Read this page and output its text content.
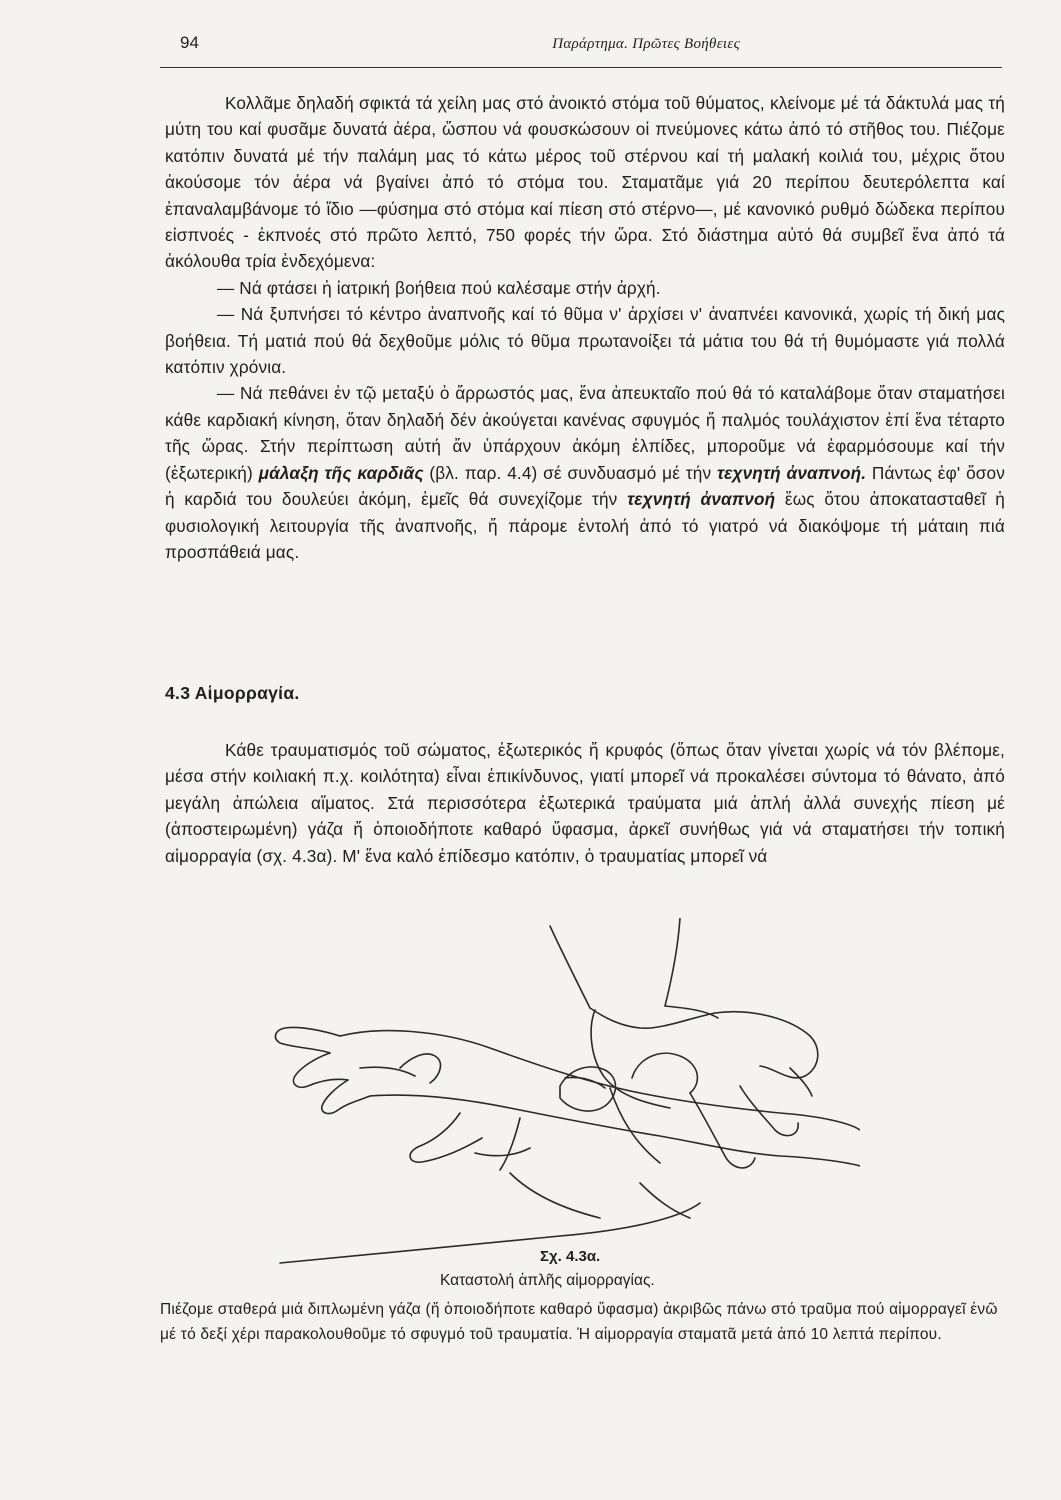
94	Παράρτημα. Πρῶτες Βοήθειες

Κολλᾶμε δηλαδή σφικτά τά χείλη μας στό ἀνοικτό στόμα τοῦ θύματος, κλείνομε μέ τά δάκτυλά μας τή μύτη του καί φυσᾶμε δυνατά ἀέρα, ὥσπου νά φουσκώσουν οἱ πνεύμονες κάτω ἀπό τό στῆθος του. Πιέζομε κατόπιν δυνατά μέ τήν παλάμη μας τό κάτω μέρος τοῦ στέρνου καί τή μαλακή κοιλιά του, μέχρις ὅτου ἀκούσομε τόν ἀέρα νά βγαίνει ἀπό τό στόμα του. Σταματᾶμε γιά 20 περίπου δευτερόλεπτα καί ἐπαναλαμβάνομε τό ἴδιο —φύσημα στό στόμα καί πίεση στό στέρνο—, μέ κανονικό ρυθμό δώδεκα περίπου εἰσπνοές - ἐκπνοές στό πρῶτο λεπτό, 750 φορές τήν ὥρα. Στό διάστημα αὐτό θά συμβεῖ ἕνα ἀπό τά ἀκόλουθα τρία ἐνδεχόμενα:

— Νά φτάσει ἡ ἰατρική βοήθεια πού καλέσαμε στήν ἀρχή.

— Νά ξυπνήσει τό κέντρο ἀναπνοῆς καί τό θῦμα ν' ἀρχίσει ν' ἀναπνέει κανονικά, χωρίς τή δική μας βοήθεια. Τή ματιά πού θά δεχθοῦμε μόλις τό θῦμα πρωτανοίξει τά μάτια του θά τή θυμόμαστε γιά πολλά κατόπιν χρόνια.

— Νά πεθάνει ἐν τῷ μεταξύ ὁ ἄρρωστός μας, ἕνα ἀπευκταῖο πού θά τό καταλάβομε ὅταν σταματήσει κάθε καρδιακή κίνηση, ὅταν δηλαδή δέν ἀκούγεται κανένας σφυγμός ἤ παλμός τουλάχιστον ἐπί ἕνα τέταρτο τῆς ὥρας. Στήν περίπτωση αὐτή ἄν ὑπάρχουν ἀκόμη ἐλπίδες, μποροῦμε νά ἐφαρμόσουμε καί τήν (ἐξωτερική) μάλαξη τῆς καρδιᾶς (βλ. παρ. 4.4) σέ συνδυασμό μέ τήν τεχνητή ἀναπνοή. Πάντως ἐφ' ὅσον ἡ καρδιά του δουλεύει ἀκόμη, ἐμεῖς θά συνεχίζομε τήν τεχνητή ἀναπνοή ἕως ὅτου ἀποκατασταθεῖ ἡ φυσιολογική λειτουργία τῆς ἀναπνοῆς, ἤ πάρομε ἐντολή ἀπό τό γιατρό νά διακόψομε τή μάταιη πιά προσπάθειά μας.

4.3 Αἱμορραγία.

Κάθε τραυματισμός τοῦ σώματος, ἐξωτερικός ἤ κρυφός (ὅπως ὅταν γίνεται χωρίς νά τόν βλέπομε, μέσα στήν κοιλιακή π.χ. κοιλότητα) εἶναι ἐπικίνδυνος, γιατί μπορεῖ νά προκαλέσει σύντομα τό θάνατο, ἀπό μεγάλη ἀπώλεια αἵματος. Στά περισσότερα ἐξωτερικά τραύματα μιά ἁπλή ἀλλά συνεχής πίεση μέ (ἀποστειρωμένη) γάζα ἤ ὁποιοδήποτε καθαρό ὕφασμα, ἀρκεῖ συνήθως γιά νά σταματήσει τήν τοπική αἱμορραγία (σχ. 4.3α). Μ' ἕνα καλό ἐπίδεσμο κατόπιν, ὁ τραυματίας μπορεῖ νά

Σχ. 4.3α.
Καταστολή ἁπλῆς αἱμορραγίας.

Πιέζομε σταθερά μιά διπλωμένη γάζα (ἤ ὁποιοδήποτε καθαρό ὕφασμα) ἀκριβῶς πάνω στό τραῦμα πού αἱμορραγεῖ ἐνῶ μέ τό δεξί χέρι παρακολουθοῦμε τό σφυγμό τοῦ τραυματία. Ἡ αἱμορραγία σταματᾶ μετά ἀπό 10 λεπτά περίπου.
